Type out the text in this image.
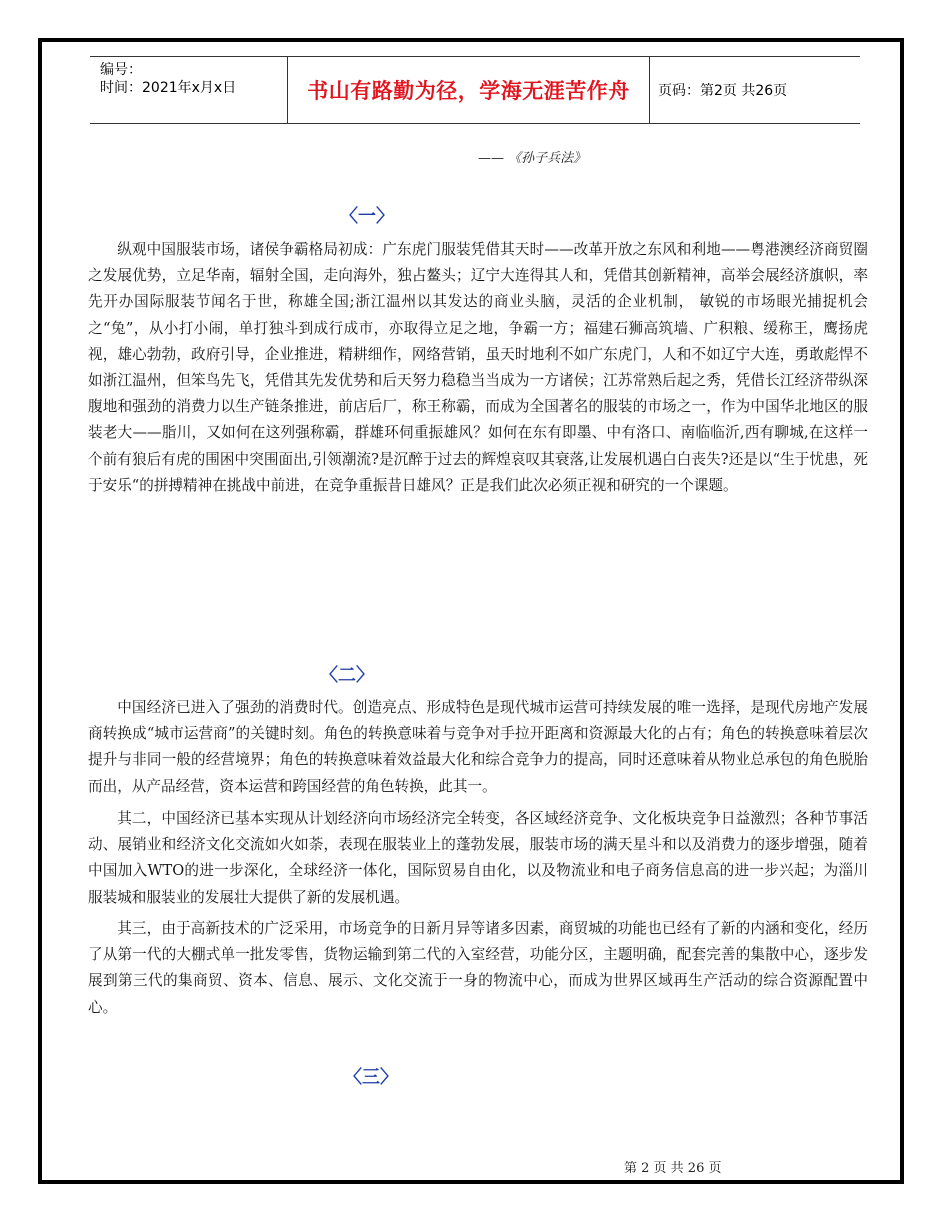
编号：
时间：2021年x月x日	书山有路勤为径，学海无涯苦作舟	页码：第2页 共26页
—— 《孙子兵法》
〈一〉

纵观中国服装市场，诸侯争霸格局初成：广东虎门服装凭借其天时——改革开放之东风和利地——粤港澳经济商贸圈之发展优势，立足华南，辐射全国，走向海外，独占鳌头；辽宁大连得其人和，凭借其创新精神，高举会展经济旗帜，率先开办国际服装节闻名于世，称雄全国;浙江温州以其发达的商业头脑，灵活的企业机制， 敏锐的市场眼光捕捉机会之“兔”，从小打小闹，单打独斗到成行成市，亦取得立足之地，争霸一方；福建石狮高筑墙、广积粮、缓称王，鹰扬虎视，雄心勃勃，政府引导，企业推进，精耕细作，网络营销，虽天时地利不如广东虎门，人和不如辽宁大连，勇敢彪悍不如浙江温州，但笨鸟先飞，凭借其先发优势和后天努力稳稳当当成为一方诸侯；江苏常熟后起之秀，凭借长江经济带纵深腹地和强劲的消费力以生产链条推进，前店后厂，称王称霸，而成为全国著名的服装的市场之一，作为中国华北地区的服装老大——脂川，又如何在这列强称霸，群雄环伺重振雄风？如何在东有即墨、中有洛口、南临临沂,西有聊城,在这样一个前有狼后有虎的围困中突围面出,引领潮流?是沉醉于过去的辉煌哀叹其衰落,让发展机遇白白丧失?还是以“生于忧患，死于安乐“的拼搏精神在挑战中前进，在竞争重振昔日雄风？正是我们此次必须正视和研究的一个课题。

〈二〉

中国经济已进入了强劲的消费时代。创造亮点、形成特色是现代城市运营可持续发展的唯一选择，是现代房地产发展商转换成“城市运营商”的关键时刻。角色的转换意味着与竞争对手拉开距离和资源最大化的占有；角色的转换意味着层次提升与非同一般的经营境界；角色的转换意味着效益最大化和综合竞争力的提高，同时还意味着从物业总承包的角色脱胎而出，从产品经营，资本运营和跨国经营的角色转换，此其一。

其二，中国经济已基本实现从计划经济向市场经济完全转变，各区域经济竞争、文化板块竞争日益激烈；各种节事活动、展销业和经济文化交流如火如荼，表现在服装业上的蓬勃发展，服装市场的满天星斗和以及消费力的逐步增强，随着中国加入WTO的进一步深化，全球经济一体化，国际贸易自由化，以及物流业和电子商务信息高的进一步兴起；为淄川服装城和服装业的发展壮大提供了新的发展机遇。

其三，由于高新技术的广泛采用，市场竞争的日新月异等诸多因素，商贸城的功能也已经有了新的内涵和变化，经历了从第一代的大棚式单一批发零售，货物运输到第二代的入室经营，功能分区，主题明确，配套完善的集散中心，逐步发展到第三代的集商贸、资本、信息、展示、文化交流于一身的物流中心，而成为世界区域再生产活动的综合资源配置中心。

〈三〉
第 2 页 共 26 页
